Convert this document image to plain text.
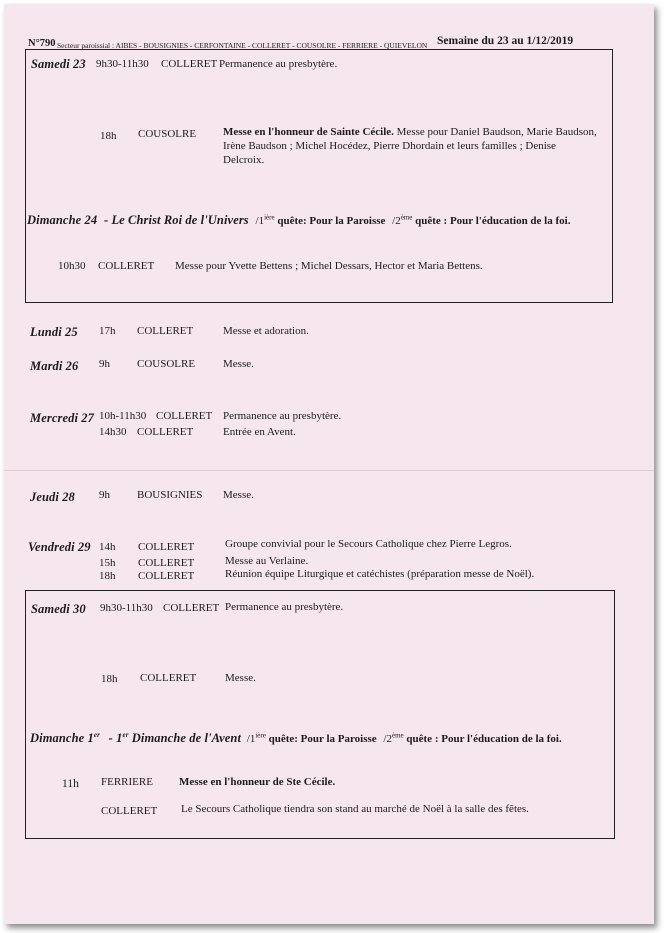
N°790 Secteur paroissial : AIBES - BOUSIGNIES - CERFONTAINE - COLLERET - COUSOLRE - FERRIERE - QUIEVELON Semaine du 23 au 1/12/2019
Samedi 23 9h30-11h30 COLLERET Permanence au presbytère.
18h COUSOLRE Messe en l'honneur de Sainte Cécile. Messe pour Daniel Baudson, Marie Baudson,
Irène Baudson ; Michel Hocédez, Pierre Dhordain et leurs familles ; Denise
Delcroix.
Dimanche 24 - Le Christ Roi de l'Univers $/1^{ière}$ quête: Pour la Paroisse /2ème quête : Pour l'éducation de la foi.
10h30 COLLERET Messe pour Yvette Bettens ; Michel Dessars, Hector et Maria Bettens.
Lundi 25 17h COLLERET	Messe et adoration.
Mardi 26 9h COUSOLRE	Messe.
Mercredi 27 10h-11h30 COLLERET Permanence au presbytère.
14h30 COLLERET	Entrée en Avent.
Jeudi 28 9h BOUSIGNIES Messe.
Vendredi 29 14h COLLERET	Groupe convivial pour le Secours Catholique chez Pierre Legros.
15h COLLERET	Messe au Verlaine.
18h COLLERET	Réunion équipe Liturgique et catéchistes (préparation messe de Noël).
Samedi 30 9h30-11h30 COLLERET Permanence au presbytère.
18h COLLERET	Messe.
Dimanche 1er - 1er Dimanche de l'Avent $/1^{ière}$ quête: Pour la Paroisse /2ème quête : Pour l'éducation de la foi.
11h FERRIERE Messe en l'honneur de Ste Cécile.
COLLERET Le Secours Catholique tiendra son stand au marché de Noël à la salle des fêtes.
